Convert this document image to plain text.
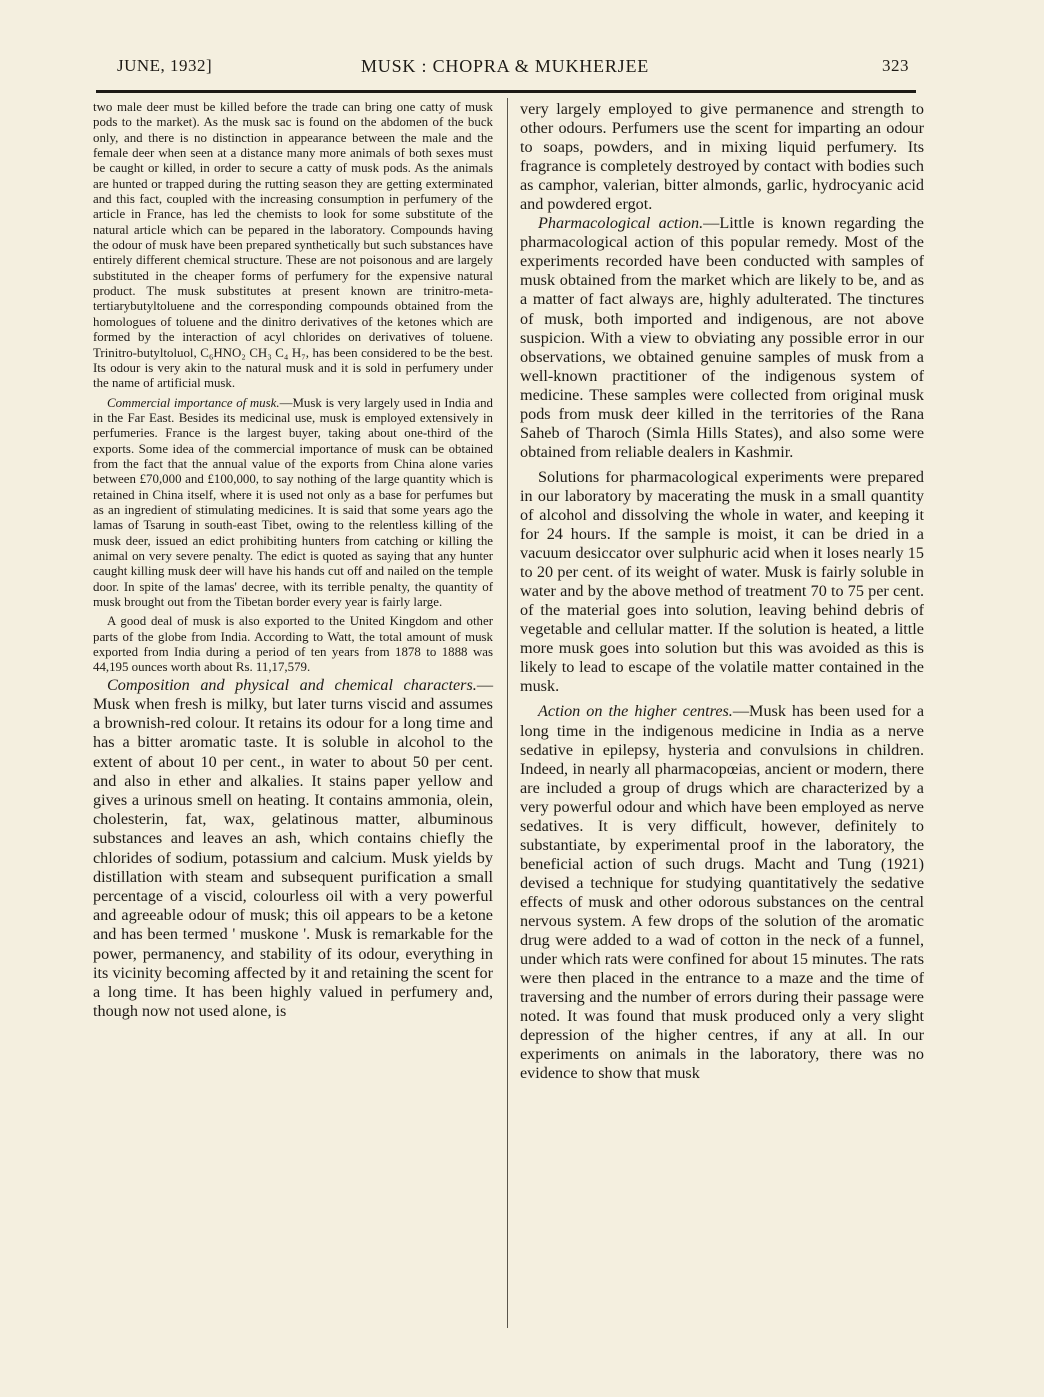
JUNE, 1932]	MUSK : CHOPRA & MUKHERJEE	323

two male deer must be killed before the trade can bring one catty of musk pods to the market). As the musk sac is found on the abdomen of the buck only, and there is no distinction in appearance between the male and the female deer when seen at a distance many more animals of both sexes must be caught or killed, in order to secure a catty of musk pods. As the animals are hunted or trapped during the rutting season they are getting exterminated and this fact, coupled with the increasing consumption in perfumery of the article in France, has led the chemists to look for some substitute of the natural article which can be pepared in the laboratory. Compounds having the odour of musk have been prepared synthetically but such substances have entirely different chemical structure. These are not poisonous and are largely substituted in the cheaper forms of perfumery for the expensive natural product. The musk substitutes at present known are trinitro-meta-tertiarybutyltoluene and the corresponding compounds obtained from the homologues of toluene and the dinitro derivatives of the ketones which are formed by the interaction of acyl chlorides on derivatives of toluene. Trinitro-butyltoluol, C₆HNO₂ CH₃ C₄ H₇, has been considered to be the best. Its odour is very akin to the natural musk and it is sold in perfumery under the name of artificial musk.

Commercial importance of musk.—Musk is very largely used in India and in the Far East. Besides its medicinal use, musk is employed extensively in perfumeries. France is the largest buyer, taking about one-third of the exports. Some idea of the commercial importance of musk can be obtained from the fact that the annual value of the exports from China alone varies between £70,000 and £100,000, to say nothing of the large quantity which is retained in China itself, where it is used not only as a base for perfumes but as an ingredient of stimulating medicines. It is said that some years ago the lamas of Tsarung in south-east Tibet, owing to the relentless killing of the musk deer, issued an edict prohibiting hunters from catching or killing the animal on very severe penalty. The edict is quoted as saying that any hunter caught killing musk deer will have his hands cut off and nailed on the temple door. In spite of the lamas' decree, with its terrible penalty, the quantity of musk brought out from the Tibetan border every year is fairly large.

A good deal of musk is also exported to the United Kingdom and other parts of the globe from India. According to Watt, the total amount of musk exported from India during a period of ten years from 1878 to 1888 was 44,195 ounces worth about Rs. 11,17,579.

Composition and physical and chemical characters.—Musk when fresh is milky, but later turns viscid and assumes a brownish-red colour. It retains its odour for a long time and has a bitter aromatic taste. It is soluble in alcohol to the extent of about 10 per cent., in water to about 50 per cent. and also in ether and alkalies. It stains paper yellow and gives a urinous smell on heating. It contains ammonia, olein, cholesterin, fat, wax, gelatinous matter, albuminous substances and leaves an ash, which contains chiefly the chlorides of sodium, potassium and calcium. Musk yields by distillation with steam and subsequent purification a small percentage of a viscid, colourless oil with a very powerful and agreeable odour of musk; this oil appears to be a ketone and has been termed ' muskone '. Musk is remarkable for the power, permanency, and stability of its odour, everything in its vicinity becoming affected by it and retaining the scent for a long time. It has been highly valued in perfumery and, though now not used alone, is

very largely employed to give permanence and strength to other odours. Perfumers use the scent for imparting an odour to soaps, powders, and in mixing liquid perfumery. Its fragrance is completely destroyed by contact with bodies such as camphor, valerian, bitter almonds, garlic, hydrocyanic acid and powdered ergot.

Pharmacological action.—Little is known regarding the pharmacological action of this popular remedy. Most of the experiments recorded have been conducted with samples of musk obtained from the market which are likely to be, and as a matter of fact always are, highly adulterated. The tinctures of musk, both imported and indigenous, are not above suspicion. With a view to obviating any possible error in our observations, we obtained genuine samples of musk from a well-known practitioner of the indigenous system of medicine. These samples were collected from original musk pods from musk deer killed in the territories of the Rana Saheb of Tharoch (Simla Hills States), and also some were obtained from reliable dealers in Kashmir.

Solutions for pharmacological experiments were prepared in our laboratory by macerating the musk in a small quantity of alcohol and dissolving the whole in water, and keeping it for 24 hours. If the sample is moist, it can be dried in a vacuum desiccator over sulphuric acid when it loses nearly 15 to 20 per cent. of its weight of water. Musk is fairly soluble in water and by the above method of treatment 70 to 75 per cent. of the material goes into solution, leaving behind debris of vegetable and cellular matter. If the solution is heated, a little more musk goes into solution but this was avoided as this is likely to lead to escape of the volatile matter contained in the musk.

Action on the higher centres.—Musk has been used for a long time in the indigenous medicine in India as a nerve sedative in epilepsy, hysteria and convulsions in children. Indeed, in nearly all pharmacopœias, ancient or modern, there are included a group of drugs which are characterized by a very powerful odour and which have been employed as nerve sedatives. It is very difficult, however, definitely to substantiate, by experimental proof in the laboratory, the beneficial action of such drugs. Macht and Tung (1921) devised a technique for studying quantitatively the sedative effects of musk and other odorous substances on the central nervous system. A few drops of the solution of the aromatic drug were added to a wad of cotton in the neck of a funnel, under which rats were confined for about 15 minutes. The rats were then placed in the entrance to a maze and the time of traversing and the number of errors during their passage were noted. It was found that musk produced only a very slight depression of the higher centres, if any at all. In our experiments on animals in the laboratory, there was no evidence to show that musk
